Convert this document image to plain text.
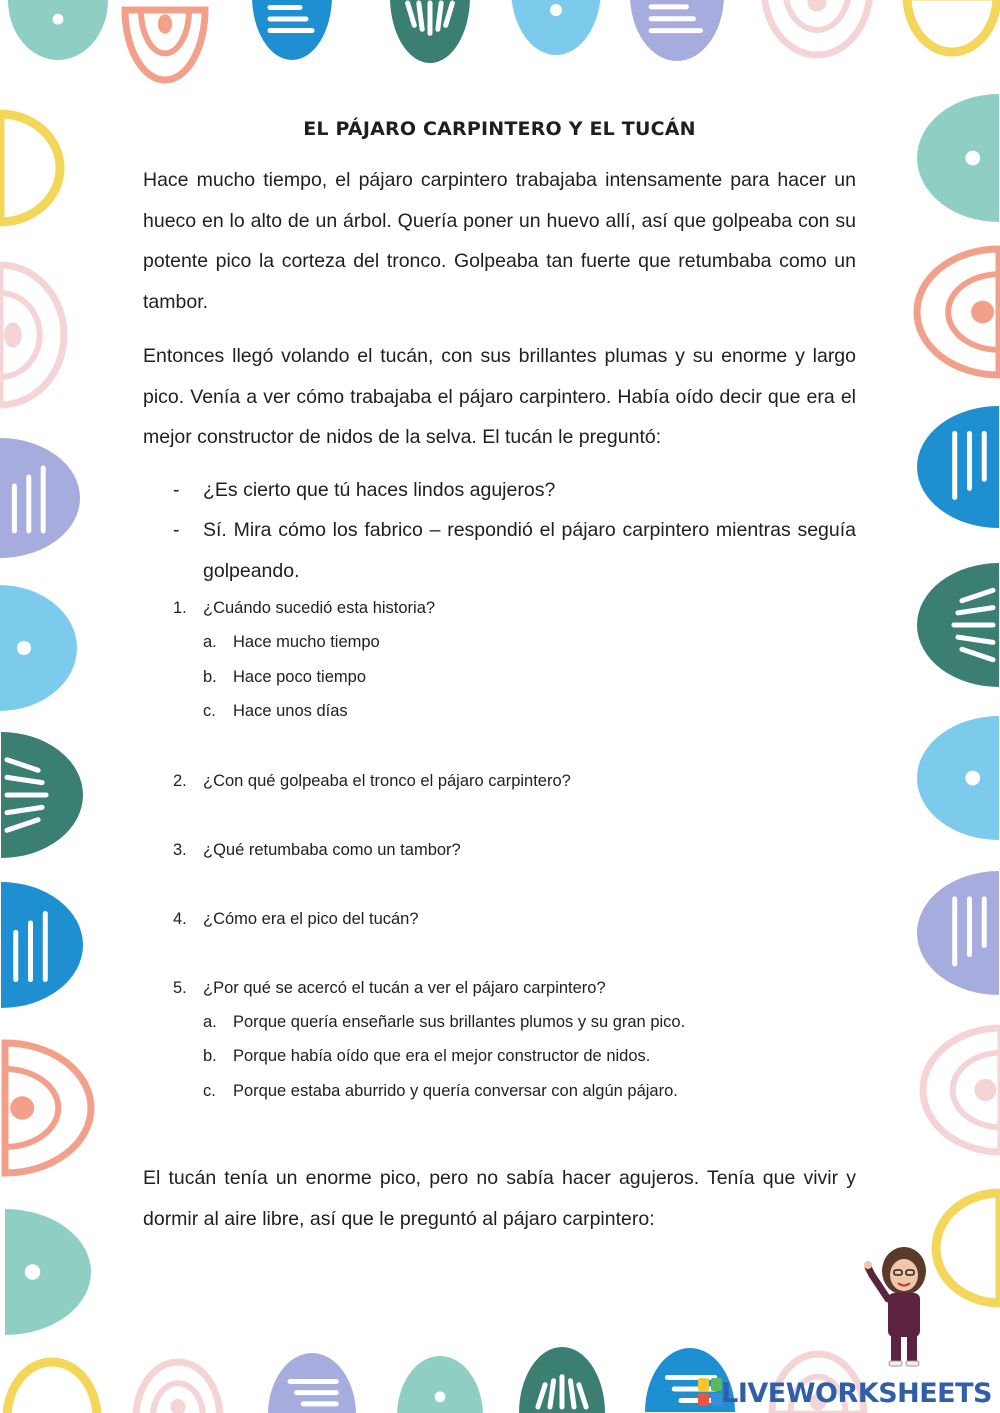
EL PÁJARO CARPINTERO Y EL TUCÁN

Hace mucho tiempo, el pájaro carpintero trabajaba intensamente para hacer un hueco en lo alto de un árbol. Quería poner un huevo allí, así que golpeaba con su potente pico la corteza del tronco. Golpeaba tan fuerte que retumbaba como un tambor.

Entonces llegó volando el tucán, con sus brillantes plumas y su enorme y largo pico. Venía a ver cómo trabajaba el pájaro carpintero. Había oído decir que era el mejor constructor de nidos de la selva. El tucán le preguntó:

- ¿Es cierto que tú haces lindos agujeros?
- Sí. Mira cómo los fabrico – respondió el pájaro carpintero mientras seguía golpeando.
1. ¿Cuándo sucedió esta historia?
a. Hace mucho tiempo
b. Hace poco tiempo
c. Hace unos días
2. ¿Con qué golpeaba el tronco el pájaro carpintero?
3. ¿Qué retumbaba como un tambor?
4. ¿Cómo era el pico del tucán?
5. ¿Por qué se acercó el tucán a ver el pájaro carpintero?
a. Porque quería enseñarle sus brillantes plumos y su gran pico.
b. Porque había oído que era el mejor constructor de nidos.
c. Porque estaba aburrido y quería conversar con algún pájaro.

El tucán tenía un enorme pico, pero no sabía hacer agujeros. Tenía que vivir y dormir al aire libre, así que le preguntó al pájaro carpintero:

LIVEWORKSHEETS
